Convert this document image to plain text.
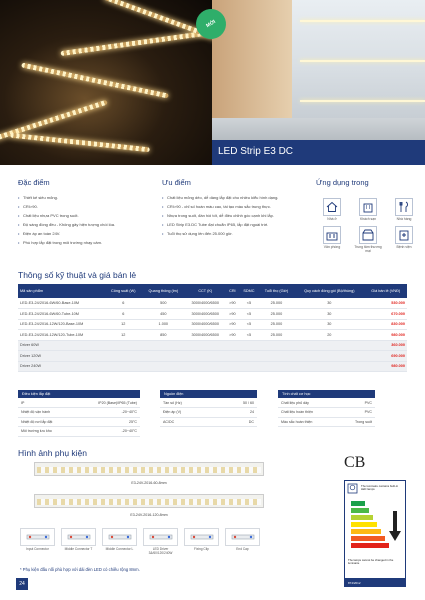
MỚI
LED Strip E3 DC
Đặc điểm
• Thiết kế siêu mỏng.
• CRI>90.
• Chất liệu nhựa PVC trong suốt.
• Độ sáng đồng đều - Không gây hiện tượng chói lóa.
• Điện áp an toàn 24V.
• Phù hợp lắp đặt trong môi trường nhạy cảm.
Ưu điểm
• Chất liệu mỏng dẻo, dễ dàng lắp đặt cho nhiều kiểu hình dạng.
• CRI>90 - chỉ số hoàn màu cao, tái tạo màu sắc trung thực.
• Nhựa trong suốt, đàn hồi tốt, dễ điều chỉnh góc cạnh khi lắp.
• LED Strip E3.DC Tube đạt chuẩn IP65, lắp đặt ngoài trời.
• Tuổi thọ sử dụng lên đến 25.000 giờ.
Ứng dụng trong
Nhà ở	Khách sạn	Nhà hàng
Văn phòng	Trung tâm thương mại
Bệnh viện
Thông số kỹ thuật và giá bán lẻ
Mã sản phẩm	Công suất (W)	Quang thông (lm)	CCT (K)	CRI	SDMC	Tuổi thọ (Giờ)	Quy cách đóng gói (Bộ/thùng)	Giá bán lẻ (VNĐ)
LED-E3-24/2016-6W/60-Base-10M	6	500	3000/4000/6500	>90	<5	25.000	30	530.000
LED-E3-24/2016-6W/60-Tube-10M	6	450	3000/4000/6500	>90	<5	25.000	30	670.000
LED-E3-24/2016-12W/120-Base-10M	12	1.000	3000/4000/6500	>90	<5	25.000	30	830.000
LED-E3-24/2016-12W/120-Tube-10M	12	850	3000/4000/6500	>90	<5	25.000	20	980.000
Driver 60W								360.000
Driver 120W								690.000
Driver 240W								980.000
Điều kiện lắp đặt
IP	IP20 (Base)/IP65 (Tube)
Nhiệt độ vận hành	-20~40°C
Nhiệt độ nơi lắp đặt	25°C
Môi trường lưu kho	-20~40°C
Nguồn điện
Tần số (Hz)	50 / 60
Điện áp (V)	24
AC/DC	DC
Tính chất cơ học
Chất liệu phủ dây	PVC
Chất liệu hoàn thiện	PVC
Màu sắc hoàn thiện	Trong suốt
Hình ảnh phụ kiện
E3-24V-2016-60-8mm
E3-24V-2016-120-8mm
Input Connector	Middle Connector T	Middle Connector L	LED Driver 3&/60/120/240W
Fixing Clip	End Cap
* Phụ kiện đấu nối phù hợp với dải đèn LED có chiều rộng 8mm.
CB
The luminaire contains built-in LED lamps
The lamps cannot be changed in the luminaire
874/2012
24
